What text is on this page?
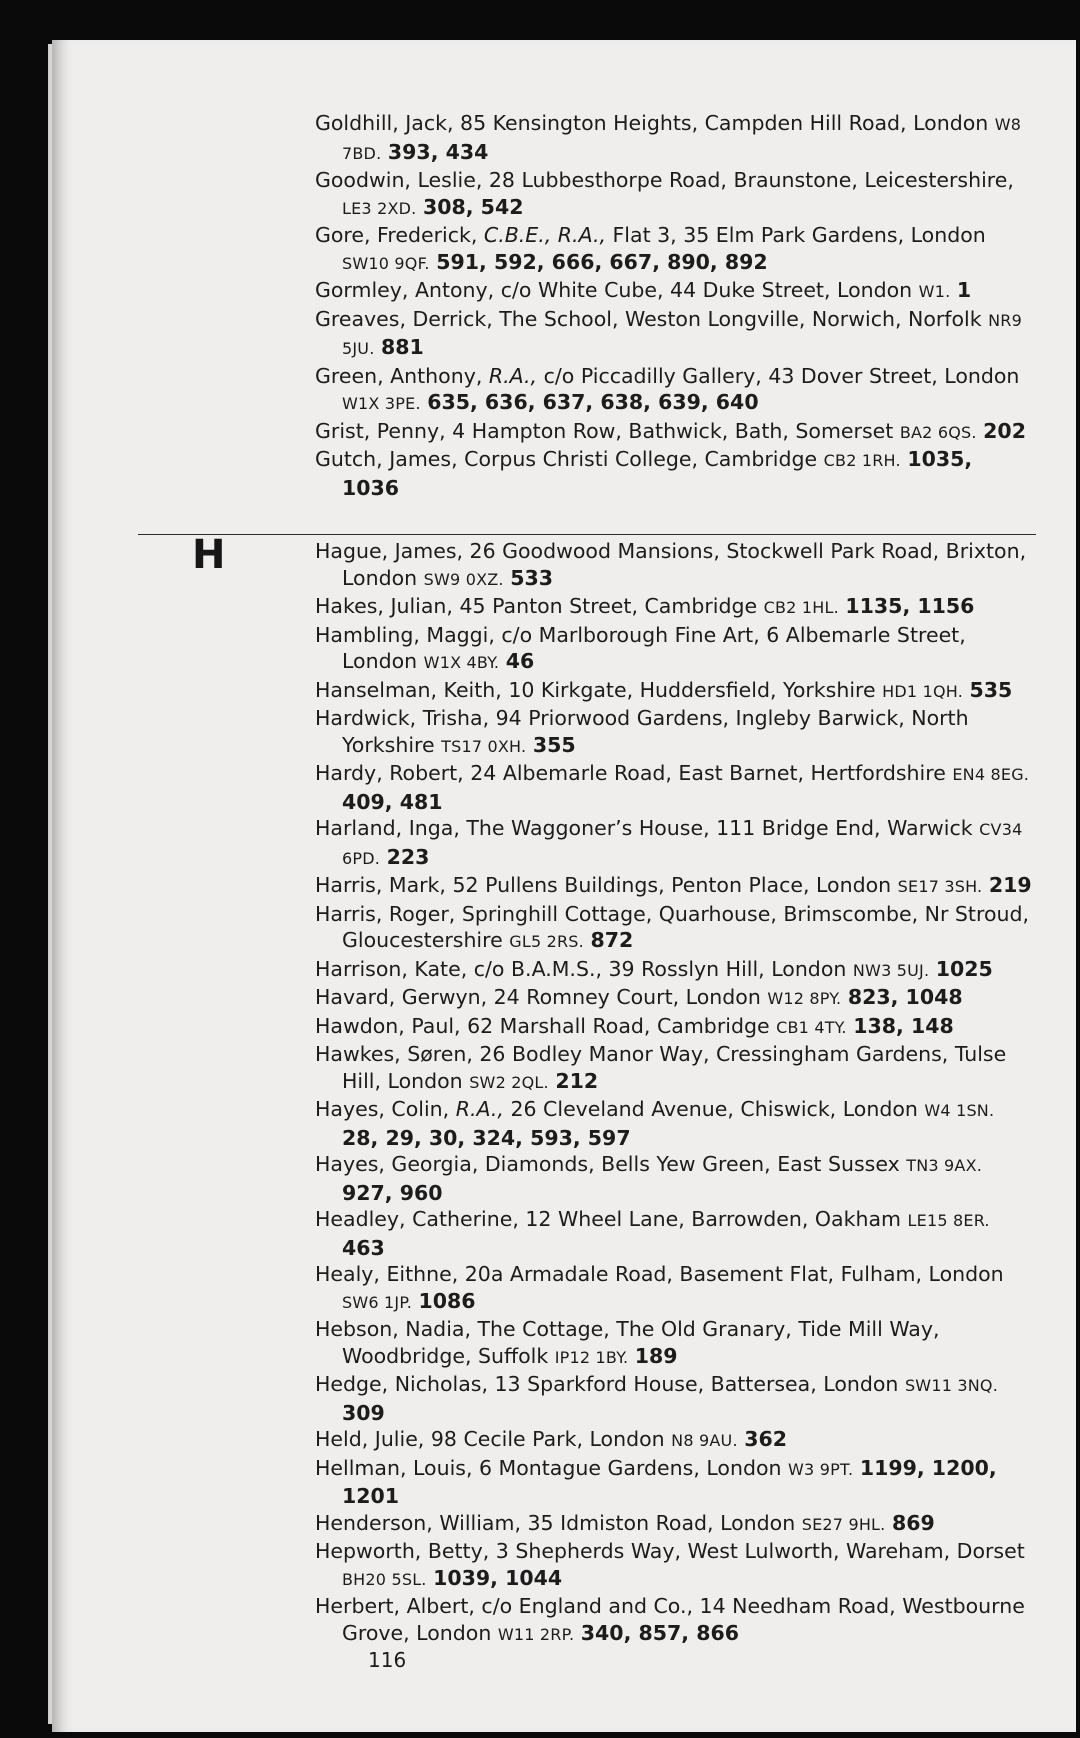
Goldhill, Jack, 85 Kensington Heights, Campden Hill Road, London W8 7BD. 393, 434

Goodwin, Leslie, 28 Lubbesthorpe Road, Braunstone, Leicestershire, LE3 2XD. 308, 542

Gore, Frederick, C.B.E., R.A., Flat 3, 35 Elm Park Gardens, London SW10 9QF. 591, 592, 666, 667, 890, 892

Gormley, Antony, c/o White Cube, 44 Duke Street, London W1. 1

Greaves, Derrick, The School, Weston Longville, Norwich, Norfolk NR9 5JU. 881

Green, Anthony, R.A., c/o Piccadilly Gallery, 43 Dover Street, London W1X 3PE. 635, 636, 637, 638, 639, 640

Grist, Penny, 4 Hampton Row, Bathwick, Bath, Somerset BA2 6QS. 202

Gutch, James, Corpus Christi College, Cambridge CB2 1RH. 1035, 1036

H	Hague, James, 26 Goodwood Mansions, Stockwell Park Road, Brixton, London SW9 0XZ. 533

Hakes, Julian, 45 Panton Street, Cambridge CB2 1HL. 1135, 1156

Hambling, Maggi, c/o Marlborough Fine Art, 6 Albemarle Street, London W1X 4BY. 46

Hanselman, Keith, 10 Kirkgate, Huddersfield, Yorkshire HD1 1QH. 535

Hardwick, Trisha, 94 Priorwood Gardens, Ingleby Barwick, North Yorkshire TS17 0XH. 355

Hardy, Robert, 24 Albemarle Road, East Barnet, Hertfordshire EN4 8EG. 409, 481

Harland, Inga, The Waggoner’s House, 111 Bridge End, Warwick CV34 6PD. 223

Harris, Mark, 52 Pullens Buildings, Penton Place, London SE17 3SH. 219

Harris, Roger, Springhill Cottage, Quarhouse, Brimscombe, Nr Stroud, Gloucestershire GL5 2RS. 872

Harrison, Kate, c/o B.A.M.S., 39 Rosslyn Hill, London NW3 5UJ. 1025

Havard, Gerwyn, 24 Romney Court, London W12 8PY. 823, 1048

Hawdon, Paul, 62 Marshall Road, Cambridge CB1 4TY. 138, 148

Hawkes, Søren, 26 Bodley Manor Way, Cressingham Gardens, Tulse Hill, London SW2 2QL. 212

Hayes, Colin, R.A., 26 Cleveland Avenue, Chiswick, London W4 1SN. 28, 29, 30, 324, 593, 597

Hayes, Georgia, Diamonds, Bells Yew Green, East Sussex TN3 9AX. 927, 960

Headley, Catherine, 12 Wheel Lane, Barrowden, Oakham LE15 8ER. 463

Healy, Eithne, 20a Armadale Road, Basement Flat, Fulham, London SW6 1JP. 1086

Hebson, Nadia, The Cottage, The Old Granary, Tide Mill Way, Woodbridge, Suffolk IP12 1BY. 189

Hedge, Nicholas, 13 Sparkford House, Battersea, London SW11 3NQ. 309

Held, Julie, 98 Cecile Park, London N8 9AU. 362

Hellman, Louis, 6 Montague Gardens, London W3 9PT. 1199, 1200, 1201

Henderson, William, 35 Idmiston Road, London SE27 9HL. 869

Hepworth, Betty, 3 Shepherds Way, West Lulworth, Wareham, Dorset BH20 5SL. 1039, 1044

Herbert, Albert, c/o England and Co., 14 Needham Road, Westbourne Grove, London W11 2RP. 340, 857, 866

116
